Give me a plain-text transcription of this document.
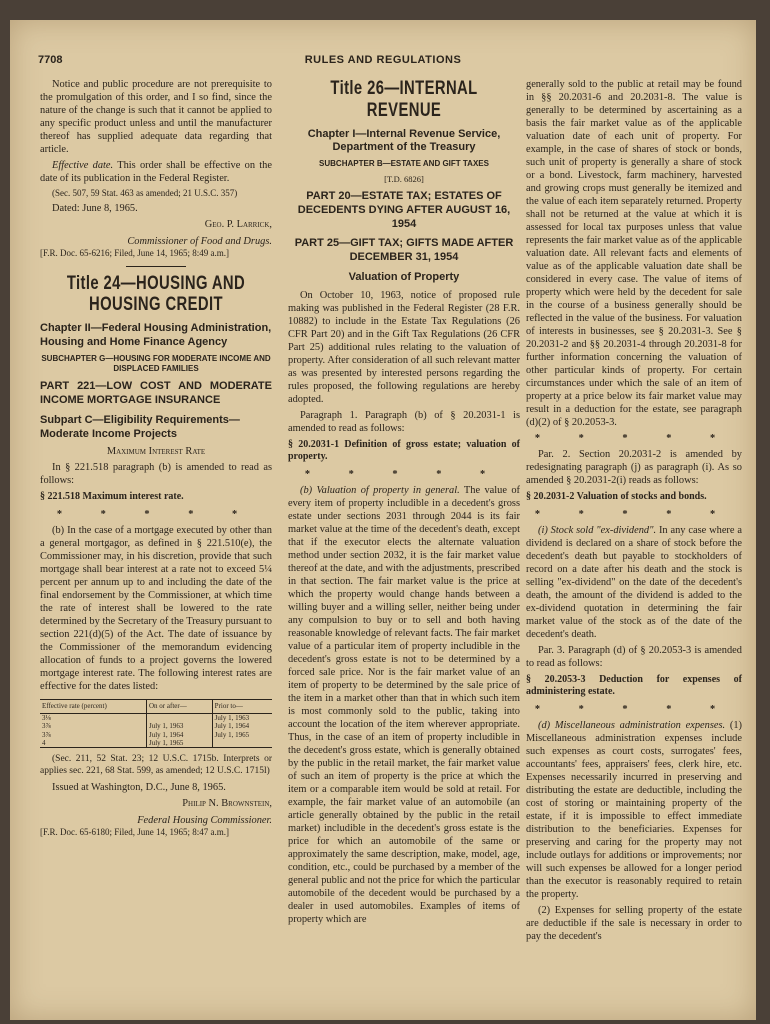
7708	RULES AND REGULATIONS

Notice and public procedure are not prerequisite to the promulgation of this order, and I so find, since the nature of the change is such that it cannot be applied to any specific product unless and until the manufacturer thereof has supplied adequate data regarding that article.

Effective date. This order shall be effective on the date of its publication in the Federal Register.

(Sec. 507, 59 Stat. 463 as amended; 21 U.S.C. 357)

Dated: June 8, 1965.

Geo. P. Larrick,

Commissioner of Food and Drugs.

[F.R. Doc. 65-6216; Filed, June 14, 1965; 8:49 a.m.]

Title 24—HOUSING AND HOUSING CREDIT
Chapter II—Federal Housing Administration, Housing and Home Finance Agency
SUBCHAPTER G—HOUSING FOR MODERATE INCOME AND DISPLACED FAMILIES
PART 221—LOW COST AND MODERATE INCOME MORTGAGE INSURANCE
Subpart C—Eligibility Requirements—Moderate Income Projects

Maximum Interest Rate

In § 221.518 paragraph (b) is amended to read as follows:

§ 221.518 Maximum interest rate.

* * * * *

(b) In the case of a mortgage executed by other than a general mortgagor, as defined in § 221.510(e), the Commissioner may, in his discretion, provide that such mortgage shall bear interest at a rate not to exceed 5¼ percent per annum up to and including the date of the final endorsement by the Commissioner, at which time the rate of interest shall be lowered to the rate determined by the Secretary of the Treasury pursuant to section 221(d)(5) of the Act. The date of issuance by the Commissioner of the memorandum evidencing allocation of funds to a project governs the lowered mortgage interest rate. The following interest rates are effective for the dates listed:

Effective rate (percent)	On or after—	Prior to—
3⅛		July 1, 1963
3⅞	July 1, 1963	July 1, 1964
3⅞	July 1, 1964	July 1, 1965
4	July 1, 1965	

(Sec. 211, 52 Stat. 23; 12 U.S.C. 1715b. Interprets or applies sec. 221, 68 Stat. 599, as amended; 12 U.S.C. 1715l)

Issued at Washington, D.C., June 8, 1965.

Philip N. Brownstein,

Federal Housing Commissioner.

[F.R. Doc. 65-6180; Filed, June 14, 1965; 8:47 a.m.]

Title 26—INTERNAL REVENUE
Chapter I—Internal Revenue Service, Department of the Treasury
SUBCHAPTER B—ESTATE AND GIFT TAXES

[T.D. 6826]

PART 20—ESTATE TAX; ESTATES OF DECEDENTS DYING AFTER AUGUST 16, 1954
PART 25—GIFT TAX; GIFTS MADE AFTER DECEMBER 31, 1954
Valuation of Property

On October 10, 1963, notice of proposed rule making was published in the Federal Register (28 F.R. 10882) to include in the Estate Tax Regulations (26 CFR Part 20) and in the Gift Tax Regulations (26 CFR Part 25) additional rules relating to the valuation of property. After consideration of all such relevant matter as was presented by interested persons regarding the rules proposed, the following regulations are hereby adopted.

Paragraph 1. Paragraph (b) of § 20.2031-1 is amended to read as follows:

§ 20.2031-1 Definition of gross estate; valuation of property.

* * * * *

(b) Valuation of property in general. The value of every item of property includible in a decedent's gross estate under sections 2031 through 2044 is its fair market value at the time of the decedent's death, except that if the executor elects the alternate valuation method under section 2032, it is the fair market value thereof at the date, and with the adjustments, prescribed in that section. The fair market value is the price at which the property would change hands between a willing buyer and a willing seller, neither being under any compulsion to buy or to sell and both having reasonable knowledge of relevant facts. The fair market value of a particular item of property includible in the decedent's gross estate is not to be determined by a forced sale price. Nor is the fair market value of an item of property to be determined by the sale price of the item in a market other than that in which such item is most commonly sold to the public, taking into account the location of the item wherever appropriate. Thus, in the case of an item of property includible in the decedent's gross estate, which is generally obtained by the public in the retail market, the fair market value of such an item of property is the price at which the item or a comparable item would be sold at retail. For example, the fair market value of an automobile (an article generally obtained by the public in the retail market) includible in the decedent's gross estate is the price for which an automobile of the same or approximately the same description, make, model, age, condition, etc., could be purchased by a member of the general public and not the price for which the particular automobile of the decedent would be purchased by a dealer in used automobiles. Examples of items of property which are

generally sold to the public at retail may be found in §§ 20.2031-6 and 20.2031-8. The value is generally to be determined by ascertaining as a basis the fair market value as of the applicable valuation date of each unit of property. For example, in the case of shares of stock or bonds, such unit of property is generally a share of stock or a bond. Livestock, farm machinery, harvested and growing crops must generally be itemized and the value of each item separately returned. Property shall not be returned at the value at which it is assessed for local tax purposes unless that value represents the fair market value as of the applicable valuation date. All relevant facts and elements of value as of the applicable valuation date shall be considered in every case. The value of items of property which were held by the decedent for sale in the course of a business generally should be reflected in the value of the business. For valuation of interests in businesses, see § 20.2031-3. See § 20.2031-2 and §§ 20.2031-4 through 20.2031-8 for further information concerning the valuation of other particular kinds of property. For certain circumstances under which the sale of an item of property at a price below its fair market value may result in a deduction for the estate, see paragraph (d)(2) of § 20.2053-3.

* * * * *

Par. 2. Section 20.2031-2 is amended by redesignating paragraph (j) as paragraph (i). As so amended § 20.2031-2(i) reads as follows:

§ 20.2031-2 Valuation of stocks and bonds.

* * * * *

(i) Stock sold "ex-dividend". In any case where a dividend is declared on a share of stock before the decedent's death but payable to stockholders of record on a date after his death and the stock is selling "ex-dividend" on the date of the decedent's death, the amount of the dividend is added to the ex-dividend quotation in determining the fair market value of the stock as of the date of the decedent's death.

Par. 3. Paragraph (d) of § 20.2053-3 is amended to read as follows:

§ 20.2053-3 Deduction for expenses of administering estate.

* * * * *

(d) Miscellaneous administration expenses. (1) Miscellaneous administration expenses include such expenses as court costs, surrogates' fees, accountants' fees, appraisers' fees, clerk hire, etc. Expenses necessarily incurred in preserving and distributing the estate are deductible, including the cost of storing or maintaining property of the estate, if it is impossible to effect immediate distribution to the beneficiaries. Expenses for preserving and caring for the property may not include outlays for additions or improvements; nor will such expenses be allowed for a longer period than the executor is reasonably required to retain the property.

(2) Expenses for selling property of the estate are deductible if the sale is necessary in order to pay the decedent's
